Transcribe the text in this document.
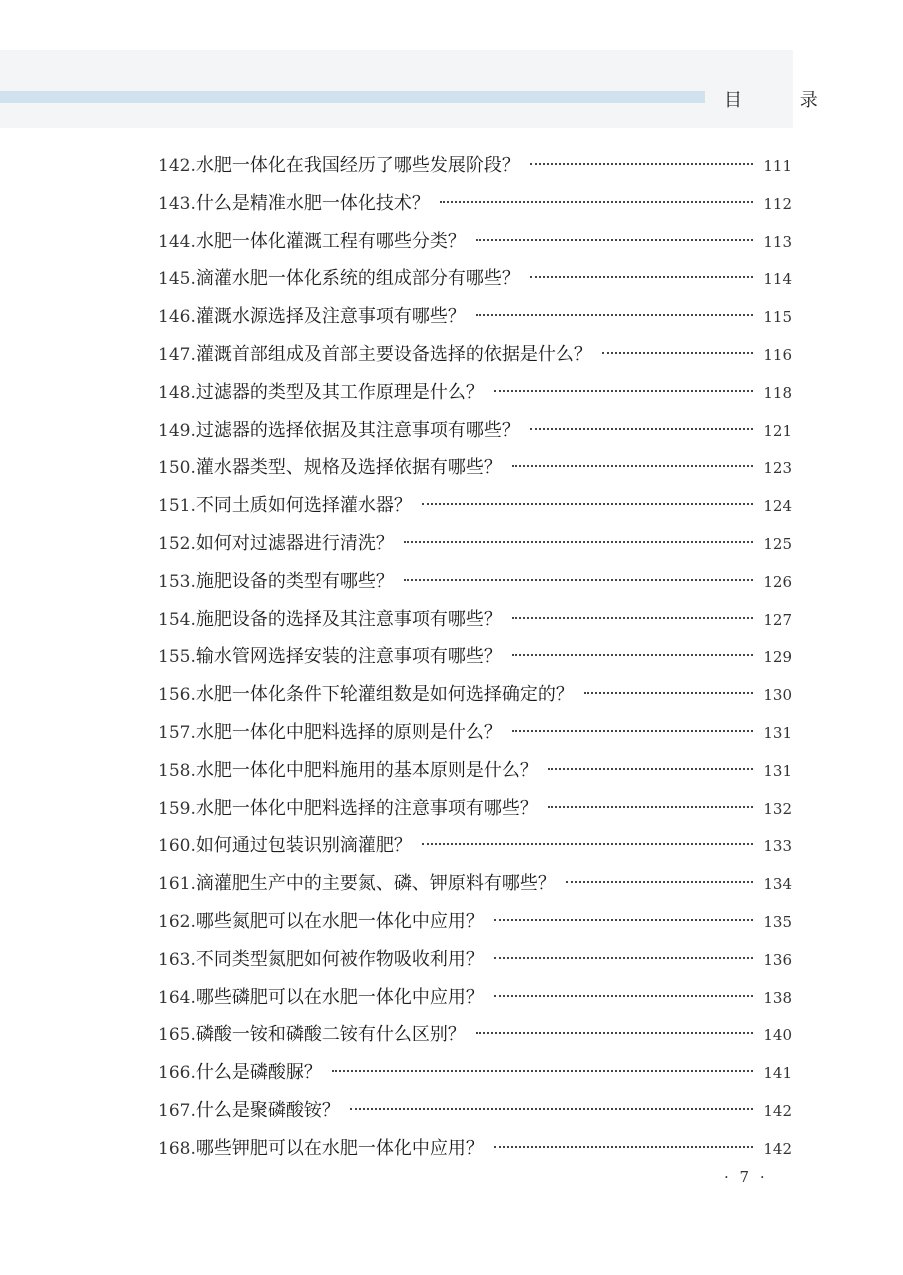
目 录
142. 水肥一体化在我国经历了哪些发展阶段？	111
143. 什么是精准水肥一体化技术？	112
144. 水肥一体化灌溉工程有哪些分类？	113
145. 滴灌水肥一体化系统的组成部分有哪些？	114
146. 灌溉水源选择及注意事项有哪些？	115
147. 灌溉首部组成及首部主要设备选择的依据是什么？	116
148. 过滤器的类型及其工作原理是什么？	118
149. 过滤器的选择依据及其注意事项有哪些？	121
150. 灌水器类型、规格及选择依据有哪些？	123
151. 不同土质如何选择灌水器？	124
152. 如何对过滤器进行清洗？	125
153. 施肥设备的类型有哪些？	126
154. 施肥设备的选择及其注意事项有哪些？	127
155. 输水管网选择安装的注意事项有哪些？	129
156. 水肥一体化条件下轮灌组数是如何选择确定的？	130
157. 水肥一体化中肥料选择的原则是什么？	131
158. 水肥一体化中肥料施用的基本原则是什么？	131
159. 水肥一体化中肥料选择的注意事项有哪些？	132
160. 如何通过包装识别滴灌肥？	133
161. 滴灌肥生产中的主要氮、磷、钾原料有哪些？	134
162. 哪些氮肥可以在水肥一体化中应用？	135
163. 不同类型氮肥如何被作物吸收利用？	136
164. 哪些磷肥可以在水肥一体化中应用？	138
165. 磷酸一铵和磷酸二铵有什么区别？	140
166. 什么是磷酸脲？	141
167. 什么是聚磷酸铵？	142
168. 哪些钾肥可以在水肥一体化中应用？	142
· 7 ·
